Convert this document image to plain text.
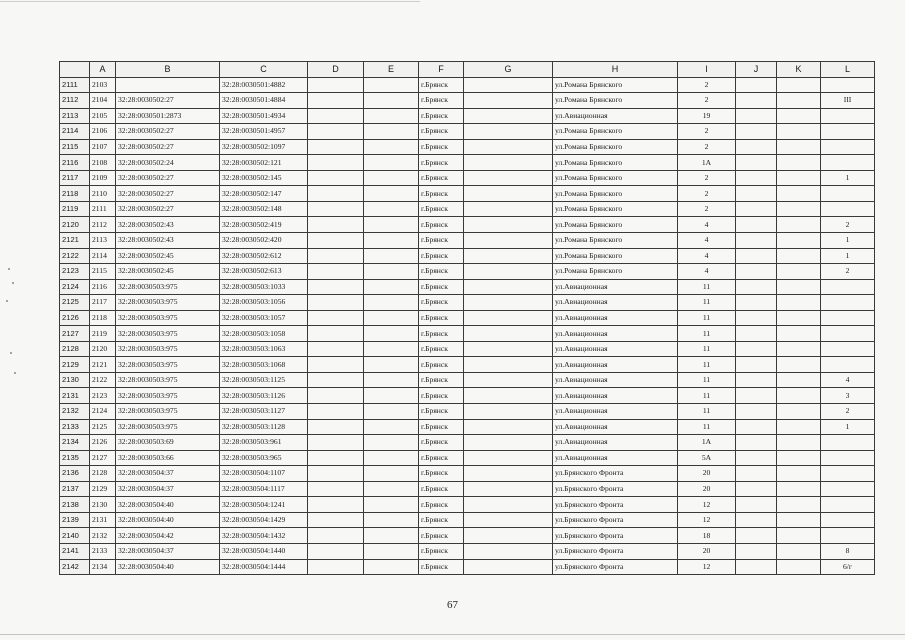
	A	B	C	D	E	F	G	H	I	J	K	L
2111	2103		32:28:0030501:4882			г.Брянск		ул.Романа Брянского	2			
2112	2104	32:28:0030502:27	32:28:0030501:4884			г.Брянск		ул.Романа Брянского	2			III
2113	2105	32:28:0030501:2873	32:28:0030501:4934			г.Брянск		ул.Авиационная	19			
2114	2106	32:28:0030502:27	32:28:0030501:4957			г.Брянск		ул.Романа Брянского	2			
2115	2107	32:28:0030502:27	32:28:0030502:1097			г.Брянск		ул.Романа Брянского	2			
2116	2108	32:28:0030502:24	32:28:0030502:121			г.Брянск		ул.Романа Брянского	1А			
2117	2109	32:28:0030502:27	32:28:0030502:145			г.Брянск		ул.Романа Брянского	2			1
2118	2110	32:28:0030502:27	32:28:0030502:147			г.Брянск		ул.Романа Брянского	2			
2119	2111	32:28:0030502:27	32:28:0030502:148			г.Брянск		ул.Романа Брянского	2			
2120	2112	32:28:0030502:43	32:28:0030502:419			г.Брянск		ул.Романа Брянского	4			2
2121	2113	32:28:0030502:43	32:28:0030502:420			г.Брянск		ул.Романа Брянского	4			1
2122	2114	32:28:0030502:45	32:28:0030502:612			г.Брянск		ул.Романа Брянского	4			1
2123	2115	32:28:0030502:45	32:28:0030502:613			г.Брянск		ул.Романа Брянского	4			2
2124	2116	32:28:0030503:975	32:28:0030503:1033			г.Брянск		ул.Авиационная	11			
2125	2117	32:28:0030503:975	32:28:0030503:1056			г.Брянск		ул.Авиационная	11			
2126	2118	32:28:0030503:975	32:28:0030503:1057			г.Брянск		ул.Авиационная	11			
2127	2119	32:28:0030503:975	32:28:0030503:1058			г.Брянск		ул.Авиационная	11			
2128	2120	32:28:0030503:975	32:28:0030503:1063			г.Брянск		ул.Авиационная	11			
2129	2121	32:28:0030503:975	32:28:0030503:1068			г.Брянск		ул.Авиационная	11			
2130	2122	32:28:0030503:975	32:28:0030503:1125			г.Брянск		ул.Авиационная	11			4
2131	2123	32:28:0030503:975	32:28:0030503:1126			г.Брянск		ул.Авиационная	11			3
2132	2124	32:28:0030503:975	32:28:0030503:1127			г.Брянск		ул.Авиационная	11			2
2133	2125	32:28:0030503:975	32:28:0030503:1128			г.Брянск		ул.Авиационная	11			1
2134	2126	32:28:0030503:69	32:28:0030503:961			г.Брянск		ул.Авиационная	1А			
2135	2127	32:28:0030503:66	32:28:0030503:965			г.Брянск		ул.Авиационная	5А			
2136	2128	32:28:0030504:37	32:28:0030504:1107			г.Брянск		ул.Брянского Фронта	20			
2137	2129	32:28:0030504:37	32:28:0030504:1117			г.Брянск		ул.Брянского Фронта	20			
2138	2130	32:28:0030504:40	32:28:0030504:1241			г.Брянск		ул.Брянского Фронта	12			
2139	2131	32:28:0030504:40	32:28:0030504:1429			г.Брянск		ул.Брянского Фронта	12			
2140	2132	32:28:0030504:42	32:28:0030504:1432			г.Брянск		ул.Брянского Фронта	18			
2141	2133	32:28:0030504:37	32:28:0030504:1440			г.Брянск		ул.Брянского Фронта	20			8
2142	2134	32:28:0030504:40	32:28:0030504:1444			г.Брянск		ул.Брянского Фронта	12			6/г
67
